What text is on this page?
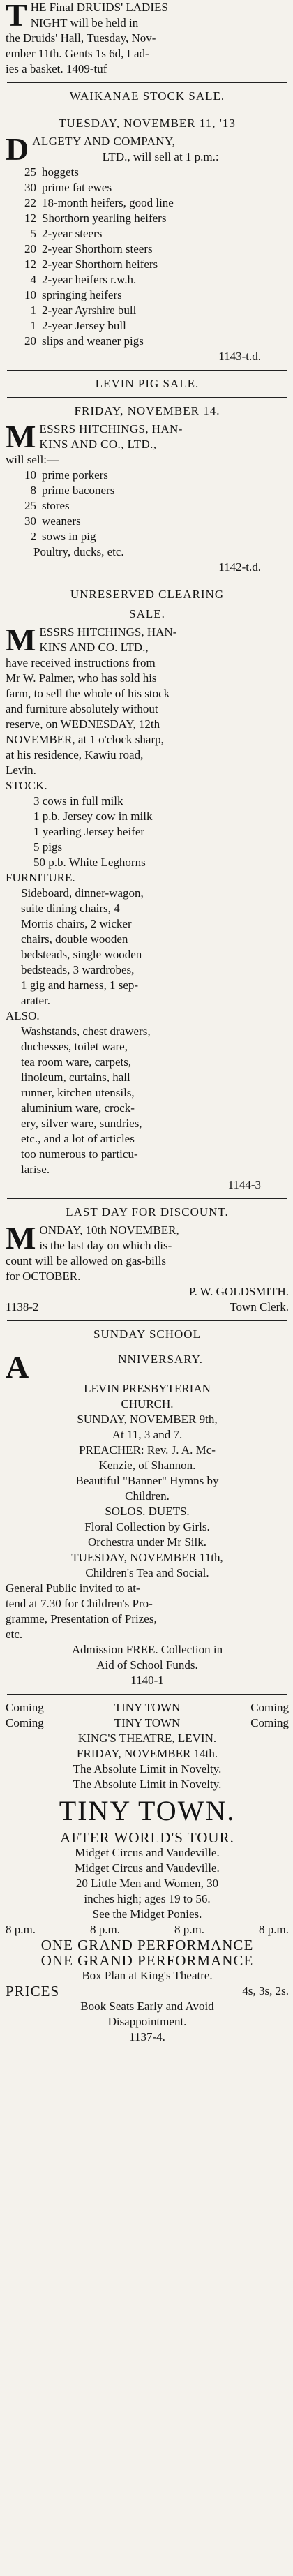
T HE Final DRUIDS' LADIES
NIGHT will be held in
the Druids' Hall, Tuesday, Nov-
ember 11th. Gents 1s 6d, Lad-
ies a basket. 1409-tuf
WAIKANAE STOCK SALE.
TUESDAY, NOVEMBER 11, '13
D ALGETY AND COMPANY,
LTD., will sell at 1 p.m.:
25 hoggets
30 prime fat ewes
22 18-month heifers, good line
12 Shorthorn yearling heifers
5 2-year steers
20 2-year Shorthorn steers
12 2-year Shorthorn heifers
4 2-year heifers r.w.h.
10 springing heifers
1 2-year Ayrshire bull
1 2-year Jersey bull
20 slips and weaner pigs
1143-t.d.
LEVIN PIG SALE.
FRIDAY, NOVEMBER 14.
M ESSRS HITCHINGS, HAN-
KINS AND CO., LTD.,
will sell:—
10 prime porkers
8 prime baconers
25 stores
30 weaners
2 sows in pig
Poultry, ducks, etc.
1142-t.d.
UNRESERVED CLEARING
SALE.
M ESSRS HITCHINGS, HAN-
KINS AND CO. LTD.,
have received instructions from
Mr W. Palmer, who has sold his
farm, to sell the whole of his stock
and furniture absolutely without
reserve, on WEDNESDAY, 12th
NOVEMBER, at 1 o'clock sharp,
at his residence, Kawiu road,
Levin.
STOCK.
3 cows in full milk
1 p.b. Jersey cow in milk
1 yearling Jersey heifer
5 pigs
50 p.b. White Leghorns
FURNITURE.
Sideboard, dinner-wagon,
suite dining chairs, 4
Morris chairs, 2 wicker
chairs, double wooden
bedsteads, single wooden
bedsteads, 3 wardrobes,
1 gig and harness, 1 sep-
arater.
ALSO.
Washstands, chest drawers,
duchesses, toilet ware,
tea room ware, carpets,
linoleum, curtains, hall
runner, kitchen utensils,
aluminium ware, crock-
ery, silver ware, sundries,
etc., and a lot of articles
too numerous to particu-
larise.
1144-3
LAST DAY FOR DISCOUNT.
M ONDAY, 10th NOVEMBER,
is the last day on which dis-
count will be allowed on gas-bills
for OCTOBER.
P. W. GOLDSMITH.
1138-2	Town Clerk.
SUNDAY SCHOOL
A	NNIVERSARY.
LEVIN PRESBYTERIAN
CHURCH.
SUNDAY, NOVEMBER 9th,
At 11, 3 and 7.
PREACHER: Rev. J. A. Mc-
Kenzie, of Shannon.
Beautiful "Banner" Hymns by
Children.
SOLOS. DUETS.
Floral Collection by Girls.
Orchestra under Mr Silk.
TUESDAY, NOVEMBER 11th,
Children's Tea and Social.
General Public invited to at-
tend at 7.30 for Children's Pro-
gramme, Presentation of Prizes,
etc.
Admission FREE. Collection in
Aid of School Funds.
1140-1
Coming	TINY TOWN	Coming
Coming	TINY TOWN	Coming
KING'S THEATRE, LEVIN.
FRIDAY, NOVEMBER 14th.
The Absolute Limit in Novelty.
The Absolute Limit in Novelty.
TINY TOWN.
AFTER WORLD'S TOUR.
Midget Circus and Vaudeville.
Midget Circus and Vaudeville.
20 Little Men and Women, 30
inches high; ages 19 to 56.
See the Midget Ponies.
8 p.m.	8 p.m.	8 p.m.	8 p.m.
ONE GRAND PERFORMANCE
ONE GRAND PERFORMANCE
Box Plan at King's Theatre.
PRICES	4s, 3s, 2s.
Book Seats Early and Avoid
Disappointment.
1137-4.
